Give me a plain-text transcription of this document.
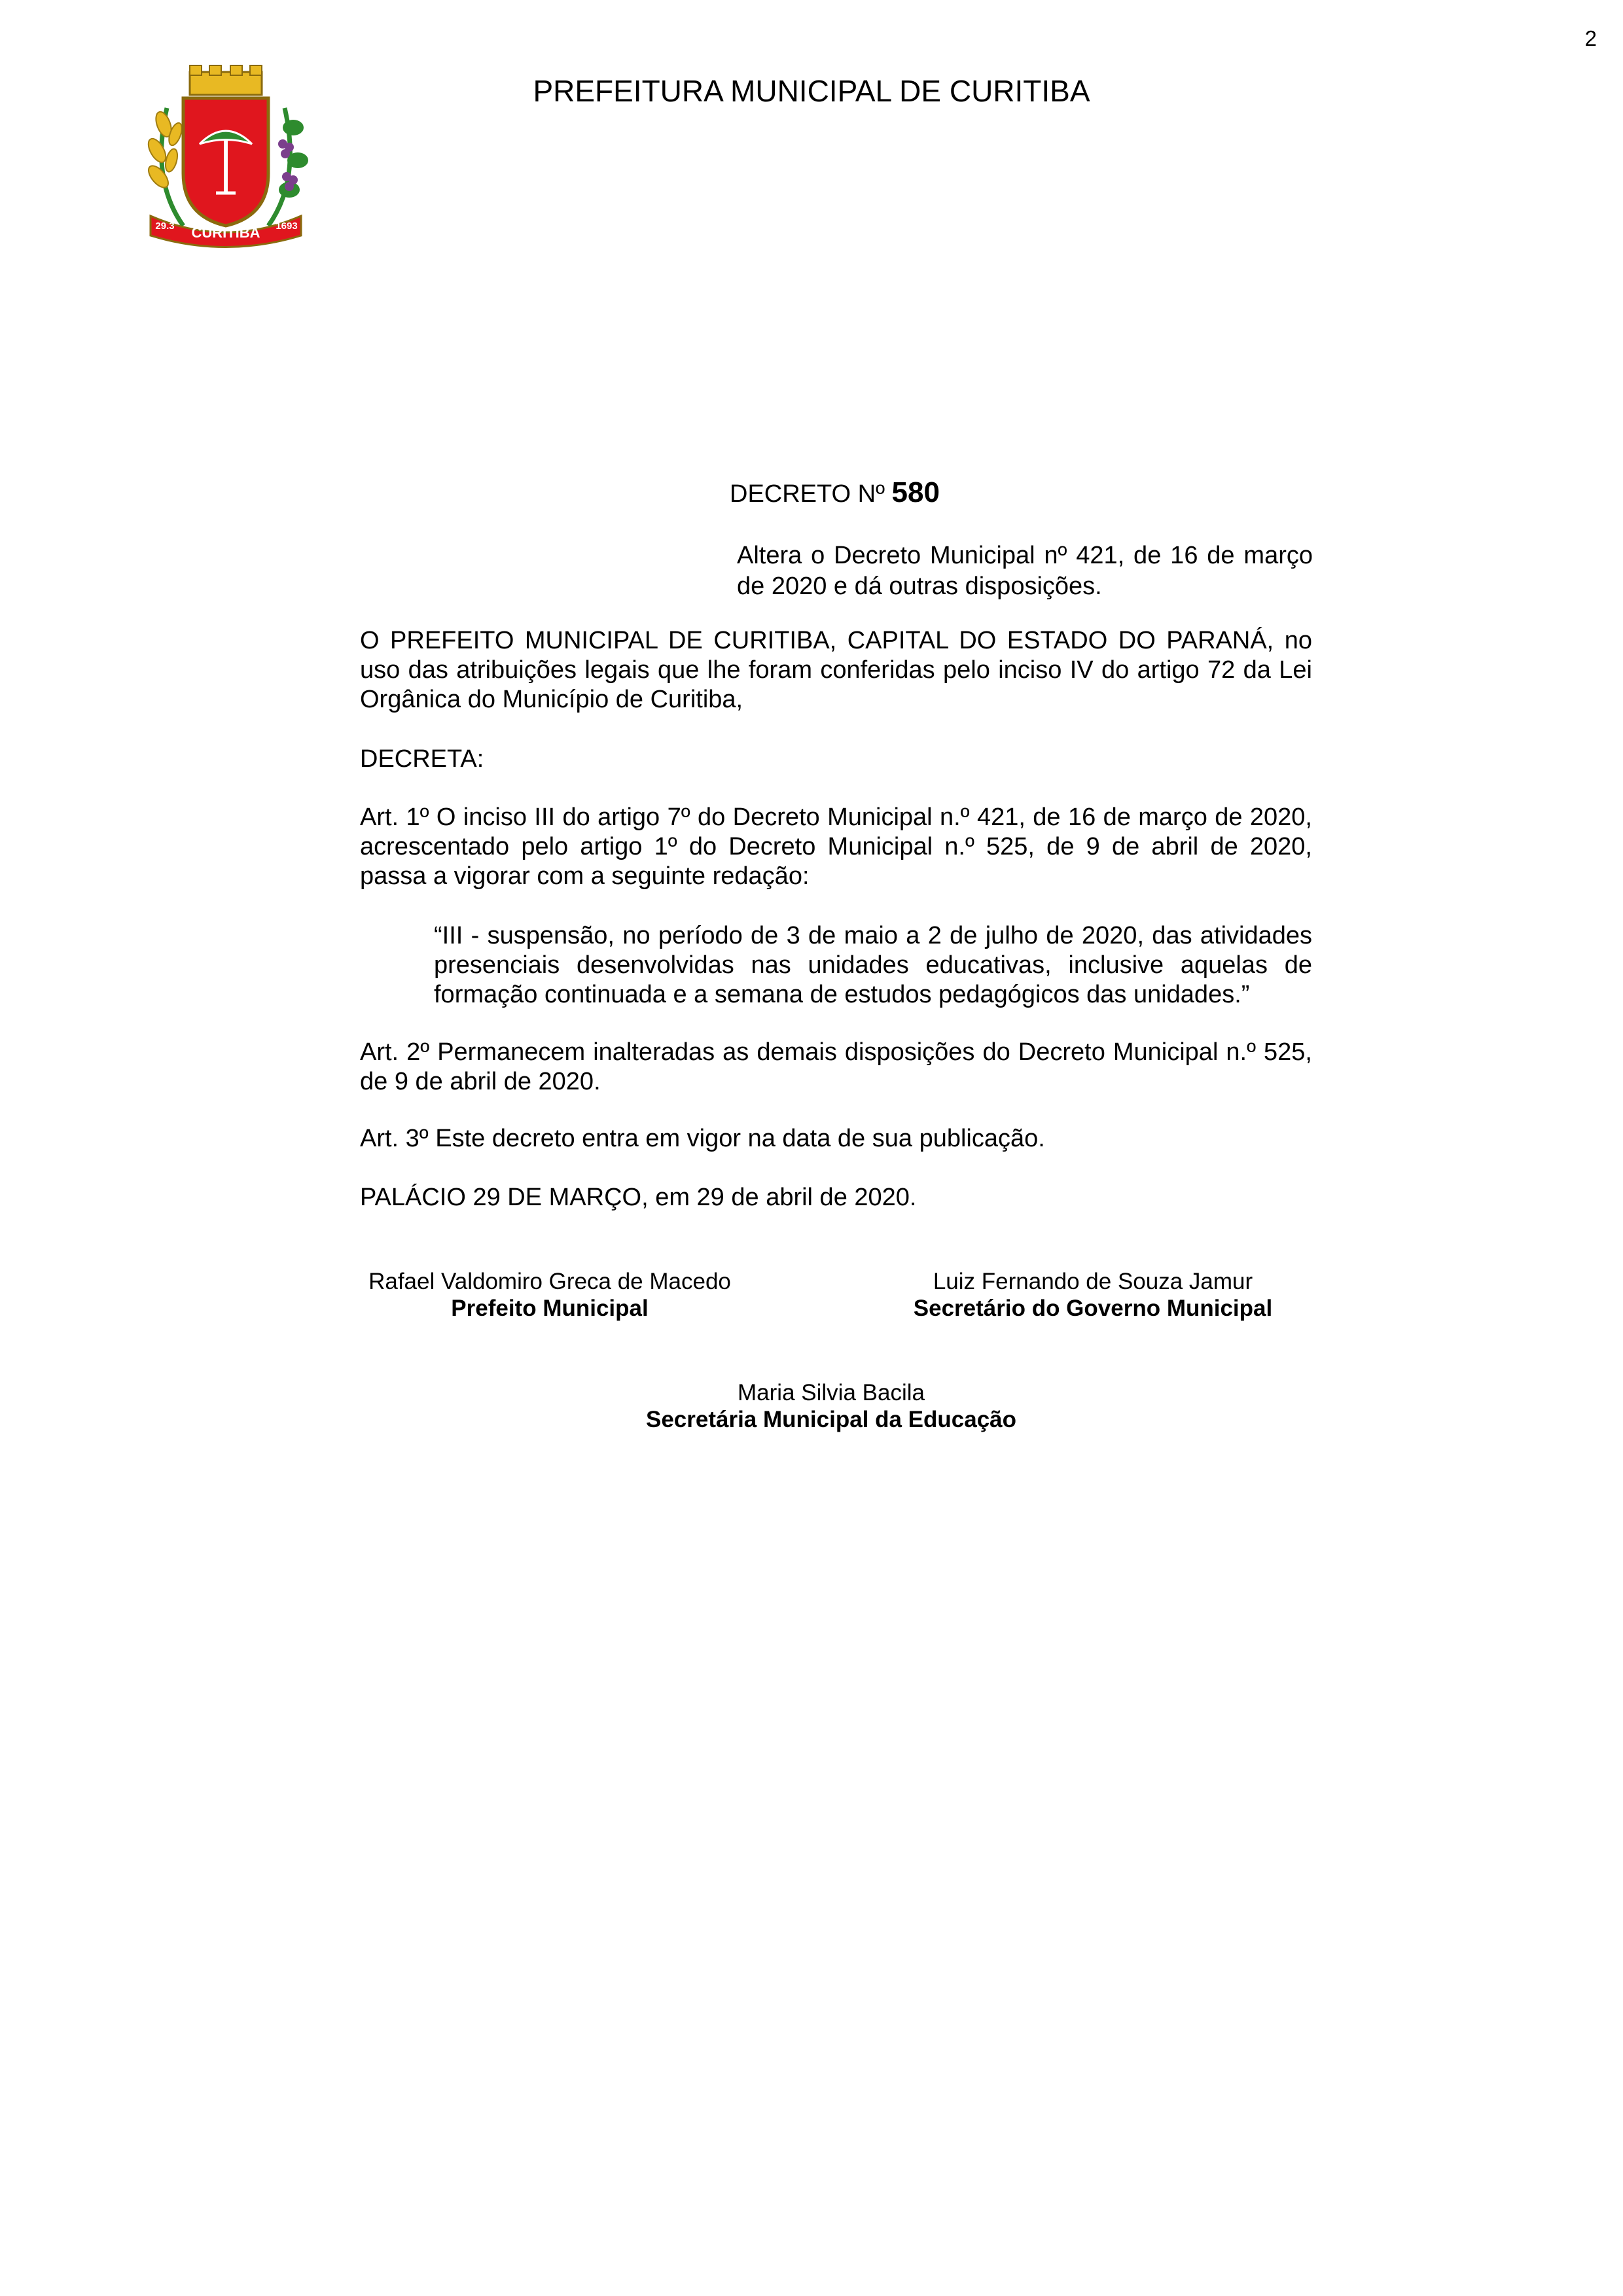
2
CURITIBA
29.3	1693
PREFEITURA MUNICIPAL DE CURITIBA
DECRETO Nº 580
Altera o Decreto Municipal nº 421, de 16 de março de 2020 e dá outras disposições.
O PREFEITO MUNICIPAL DE CURITIBA, CAPITAL DO ESTADO DO PARANÁ, no uso das atribuições legais que lhe foram conferidas pelo inciso IV do artigo 72 da Lei Orgânica do Município de Curitiba,
DECRETA:
Art. 1º O inciso III do artigo 7º do Decreto Municipal n.º 421, de 16 de março de 2020, acrescentado pelo artigo 1º do Decreto Municipal n.º 525, de 9 de abril de 2020, passa a vigorar com a seguinte redação:
“III - suspensão, no período de 3 de maio a 2 de julho de 2020, das atividades presenciais desenvolvidas nas unidades educativas, inclusive aquelas de formação continuada e a semana de estudos pedagógicos das unidades.”
Art. 2º Permanecem inalteradas as demais disposições do Decreto Municipal n.º 525, de 9 de abril de 2020.
Art. 3º Este decreto entra em vigor na data de sua publicação.
PALÁCIO 29 DE MARÇO, em 29 de abril de 2020.
Rafael Valdomiro Greca de Macedo
Prefeito Municipal
Luiz Fernando de Souza Jamur
Secretário do Governo Municipal
Maria Silvia Bacila
Secretária Municipal da Educação
